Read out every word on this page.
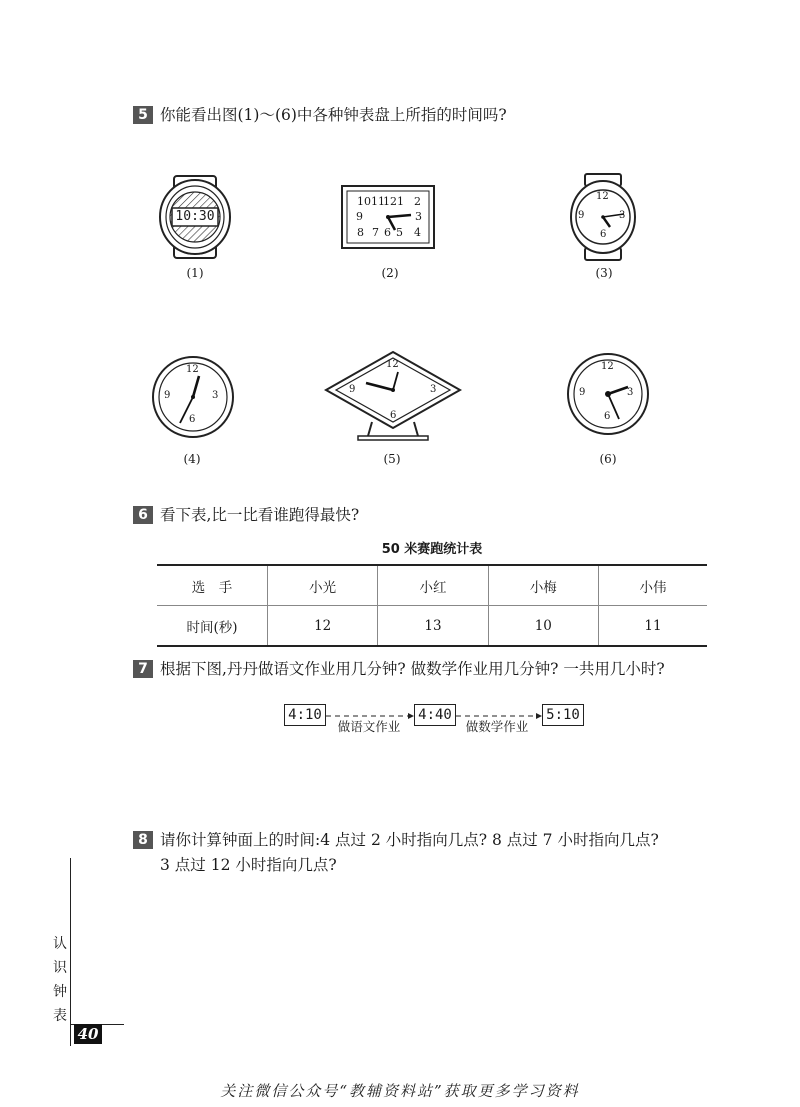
5 你能看出图(1)～(6)中各种钟表盘上所指的时间吗?
10:30
(1)
10 11
12 1 2
3
4
5
6
7
8
9
(2)
12
3
6
9
(3)
12
3
6
9
(4)
12
3
6
9
(5)
12
3
6
9
(6)
6 看下表,比一比看谁跑得最快?
50 米赛跑统计表
选　手	小光	小红	小梅	小伟
时间(秒)	12	13	10	11
7 根据下图,丹丹做语文作业用几分钟? 做数学作业用几分钟? 一共用几小时?
4:10	4:40	5:10
做语文作业	做数学作业
8 请你计算钟面上的时间:4 点过 2 小时指向几点? 8 点过 7 小时指向几点?
3 点过 12 小时指向几点?
认
识
钟
表
40
关注微信公众号“教辅资料站”获取更多学习资料
